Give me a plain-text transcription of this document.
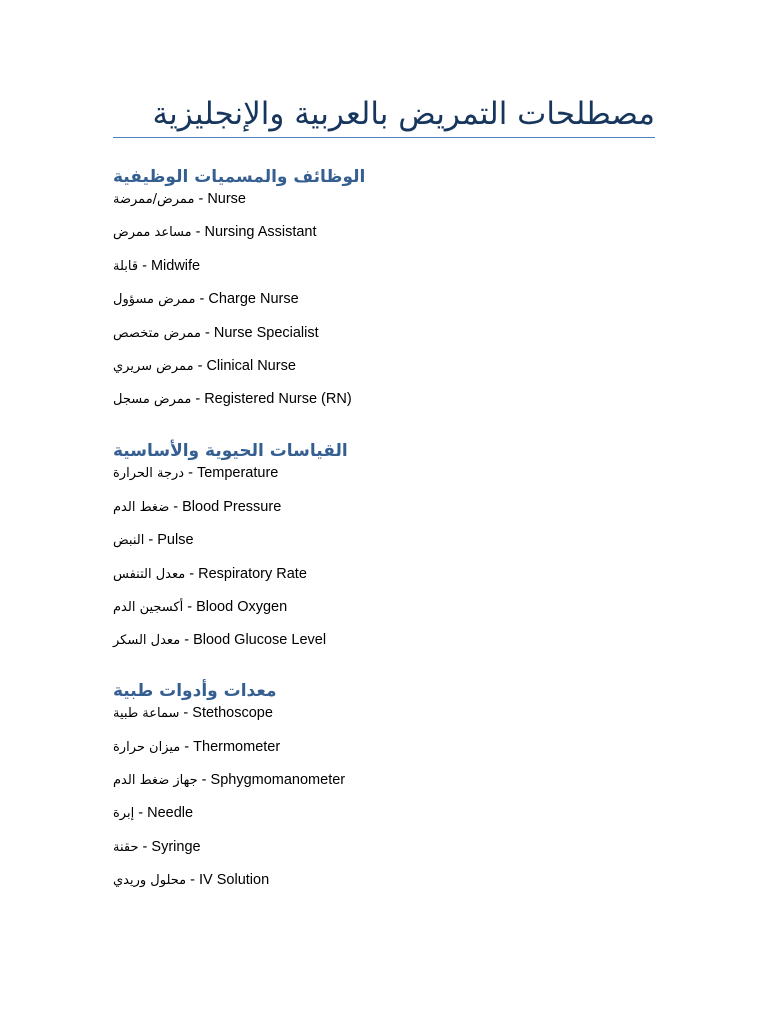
مصطلحات التمريض بالعربية والإنجليزية
الوظائف والمسميات الوظيفية
ممرض/ممرضة - Nurse
مساعد ممرض - Nursing Assistant
قابلة - Midwife
ممرض مسؤول - Charge Nurse
ممرض متخصص - Nurse Specialist
ممرض سريري - Clinical Nurse
ممرض مسجل - Registered Nurse (RN)
القياسات الحيوية والأساسية
درجة الحرارة - Temperature
ضغط الدم - Blood Pressure
النبض - Pulse
معدل التنفس - Respiratory Rate
أكسجين الدم - Blood Oxygen
معدل السكر - Blood Glucose Level
معدات وأدوات طبية
سماعة طبية - Stethoscope
ميزان حرارة - Thermometer
جهاز ضغط الدم - Sphygmomanometer
إبرة - Needle
حقنة - Syringe
محلول وريدي - IV Solution
